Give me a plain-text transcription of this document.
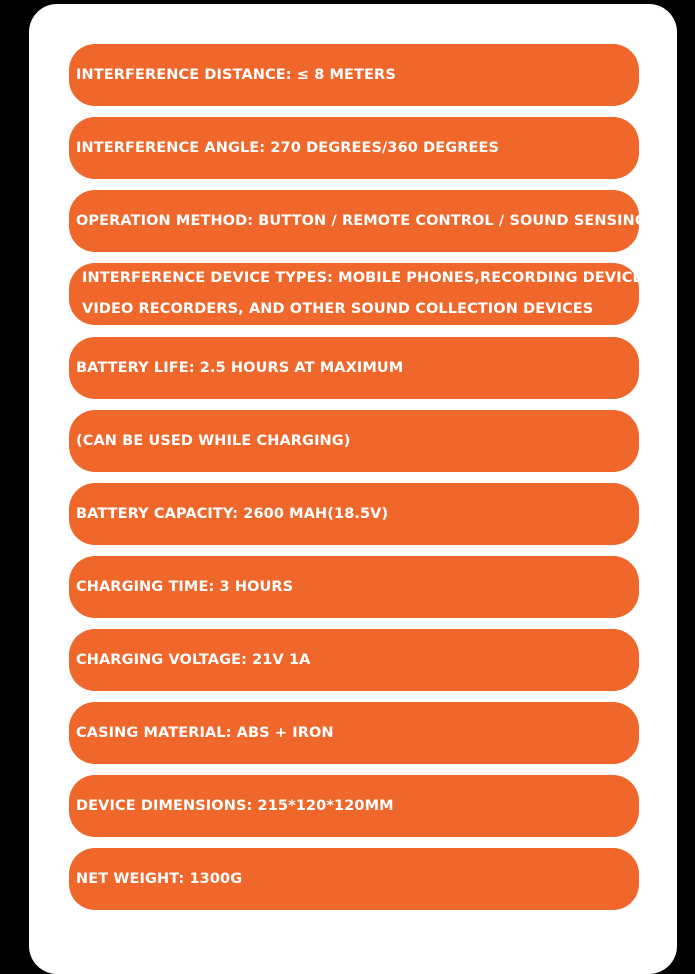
INTERFERENCE DISTANCE: ≤ 8 METERS
INTERFERENCE ANGLE: 270 DEGREES/360 DEGREES
OPERATION METHOD: BUTTON / REMOTE CONTROL / SOUND SENSING
INTERFERENCE DEVICE TYPES: MOBILE PHONES,RECORDING DEVICES,
VIDEO RECORDERS, AND OTHER SOUND COLLECTION DEVICES
BATTERY LIFE: 2.5 HOURS AT MAXIMUM
(CAN BE USED WHILE CHARGING)
BATTERY CAPACITY: 2600 MAH(18.5V)
CHARGING TIME: 3 HOURS
CHARGING VOLTAGE: 21V 1A
CASING MATERIAL: ABS + IRON
DEVICE DIMENSIONS: 215*120*120MM
NET WEIGHT: 1300G
